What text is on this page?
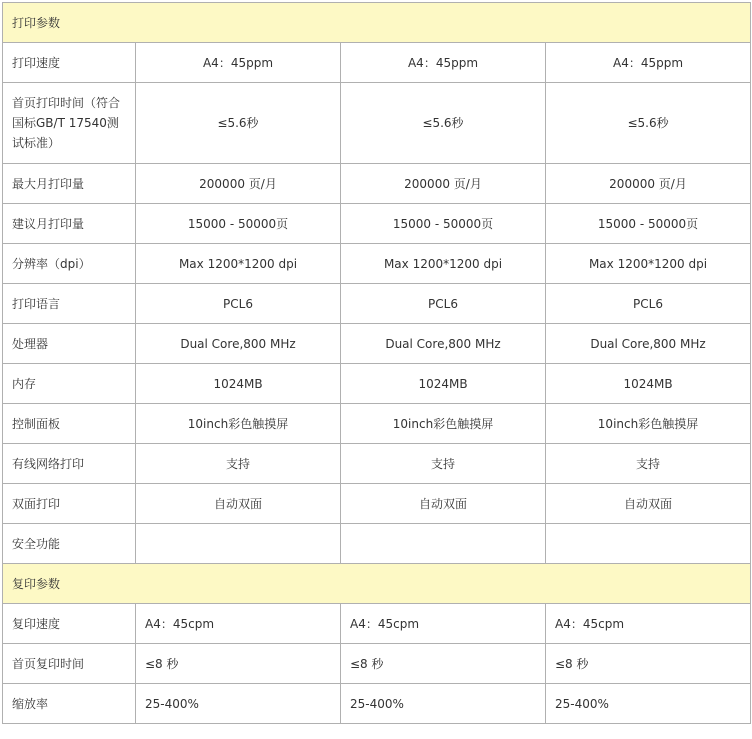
打印参数			
打印速度	A4：45ppm	A4：45ppm	A4：45ppm
首页打印时间（符合国标GB/T 17540测试标准）	≤5.6秒	≤5.6秒	≤5.6秒
最大月打印量	200000 页/月	200000 页/月	200000 页/月
建议月打印量	15000 - 50000页	15000 - 50000页	15000 - 50000页
分辨率（dpi）	Max 1200*1200 dpi	Max 1200*1200 dpi	Max 1200*1200 dpi
打印语言	PCL6	PCL6	PCL6
处理器	Dual Core,800 MHz	Dual Core,800 MHz	Dual Core,800 MHz
内存	1024MB	1024MB	1024MB
控制面板	10inch彩色触摸屏	10inch彩色触摸屏	10inch彩色触摸屏
有线网络打印	支持	支持	支持
双面打印	自动双面	自动双面	自动双面
安全功能			
复印参数			
复印速度	A4：45cpm	A4：45cpm	A4：45cpm
首页复印时间	≤8 秒	≤8 秒	≤8 秒
缩放率	25-400%	25-400%	25-400%
